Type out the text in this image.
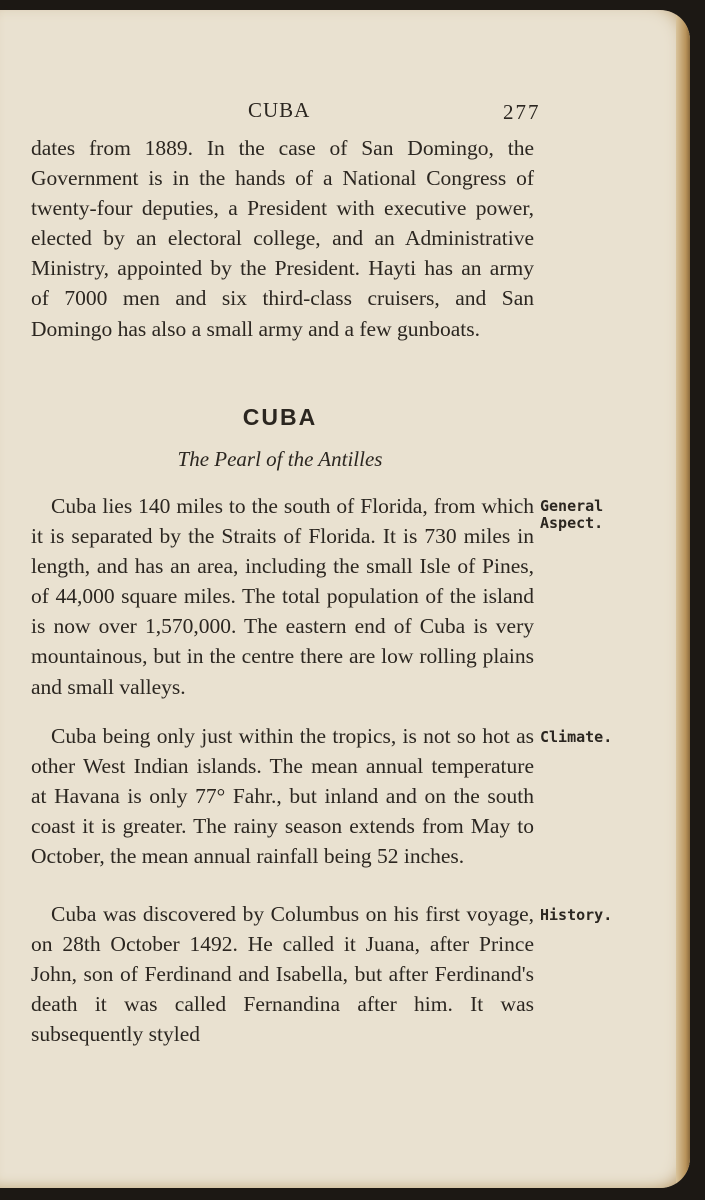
CUBA	277

dates from 1889. In the case of San Domingo, the Government is in the hands of a National Congress of twenty-four deputies, a President with executive power, elected by an electoral college, and an Administrative Ministry, appointed by the President. Hayti has an army of 7000 men and six third-class cruisers, and San Domingo has also a small army and a few gunboats.

CUBA
The Pearl of the Antilles

Cuba lies 140 miles to the south of Florida, from which it is separated by the Straits of Florida. It is 730 miles in length, and has an area, including the small Isle of Pines, of 44,000 square miles. The total population of the island is now over 1,570,000. The eastern end of Cuba is very mountainous, but in the centre there are low rolling plains and small valleys.

General
Aspect.

Cuba being only just within the tropics, is not so hot as other West Indian islands. The mean annual temperature at Havana is only 77° Fahr., but inland and on the south coast it is greater. The rainy season extends from May to October, the mean annual rainfall being 52 inches.

Climate.

Cuba was discovered by Columbus on his first voyage, on 28th October 1492. He called it Juana, after Prince John, son of Ferdinand and Isabella, but after Ferdinand's death it was called Fernandina after him. It was subsequently styled

History.
